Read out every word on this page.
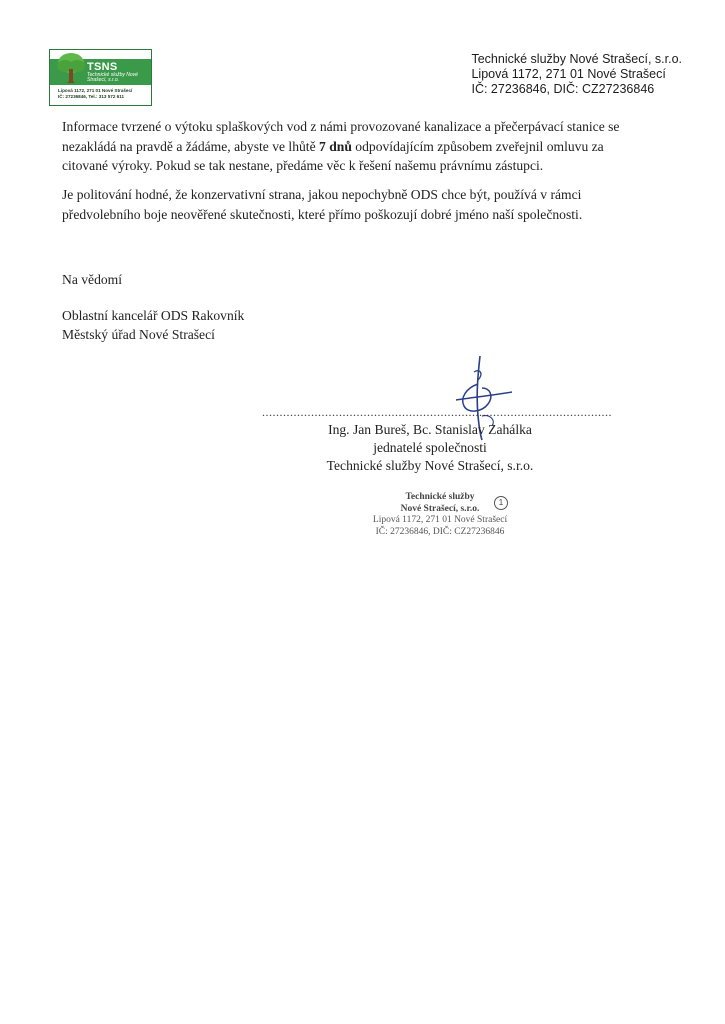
TSNS
Technické služby Nové Strašecí, s.r.o.
Lipová 1172, 271 01 Nové Strašecí
IČ: 27236846, Tel.: 313 572 611
Technické služby Nové Strašecí, s.r.o.
Lipová 1172, 271 01 Nové Strašecí
IČ: 27236846, DIČ: CZ27236846
Informace tvrzené o výtoku splaškových vod z námi provozované kanalizace a přečerpávací stanice se nezakládá na pravdě a žádáme, abyste ve lhůtě 7 dnů odpovídajícím způsobem zveřejnil omluvu za citované výroky. Pokud se tak nestane, předáme věc k řešení našemu právnímu zástupci.
Je politování hodné, že konzervativní strana, jakou nepochybně ODS chce být, používá v rámci předvolebního boje neověřené skutečnosti, které přímo poškozují dobré jméno naší společnosti.
Na vědomí
Oblastní kancelář ODS Rakovník
Městský úřad Nové Strašecí
....................................................................................................
Ing. Jan Bureš, Bc. Stanislav Zahálka
jednatelé společnosti
Technické služby Nové Strašecí, s.r.o.
Technické služby
Nové Strašecí, s.r.o.
Lipová 1172, 271 01 Nové Strašecí
IČ: 27236846, DIČ: CZ27236846
1
